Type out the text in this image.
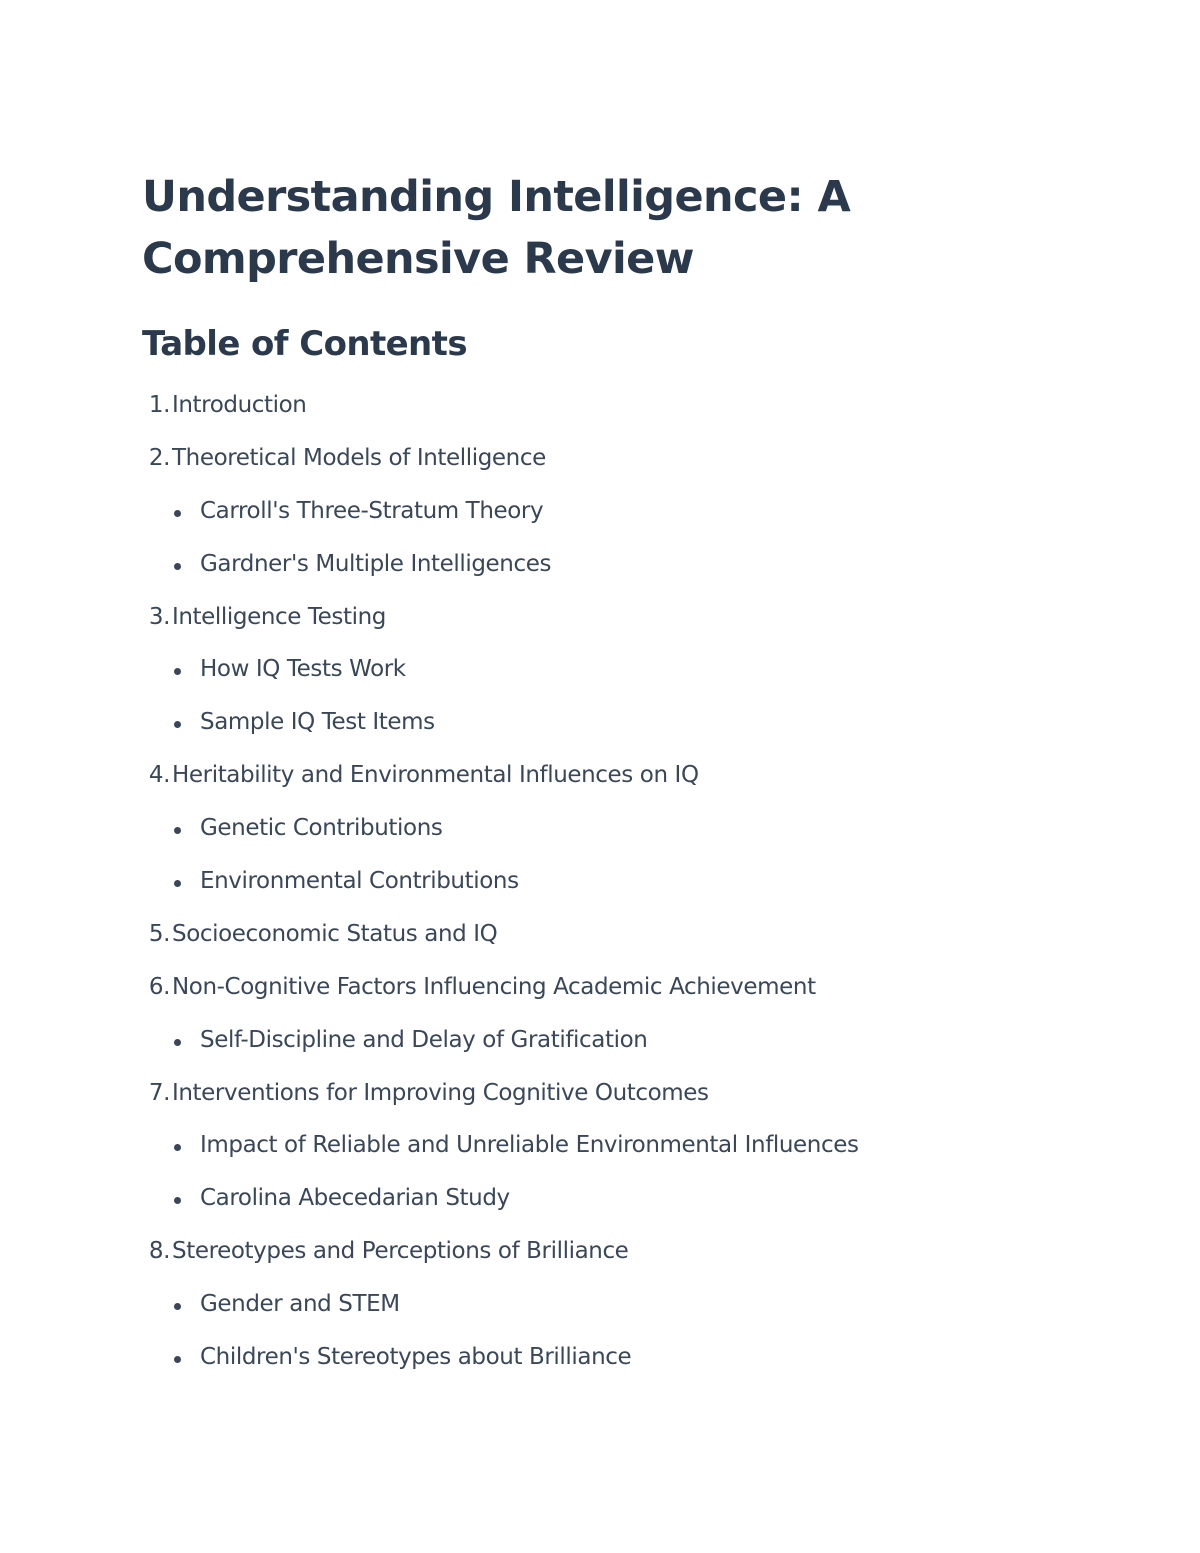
Understanding Intelligence: A Comprehensive Review
Table of Contents
1. Introduction
2. Theoretical Models of Intelligence
Carroll's Three-Stratum Theory
Gardner's Multiple Intelligences
3. Intelligence Testing
How IQ Tests Work
Sample IQ Test Items
4. Heritability and Environmental Influences on IQ
Genetic Contributions
Environmental Contributions
5. Socioeconomic Status and IQ
6. Non-Cognitive Factors Influencing Academic Achievement
Self-Discipline and Delay of Gratification
7. Interventions for Improving Cognitive Outcomes
Impact of Reliable and Unreliable Environmental Influences
Carolina Abecedarian Study
8. Stereotypes and Perceptions of Brilliance
Gender and STEM
Children's Stereotypes about Brilliance
